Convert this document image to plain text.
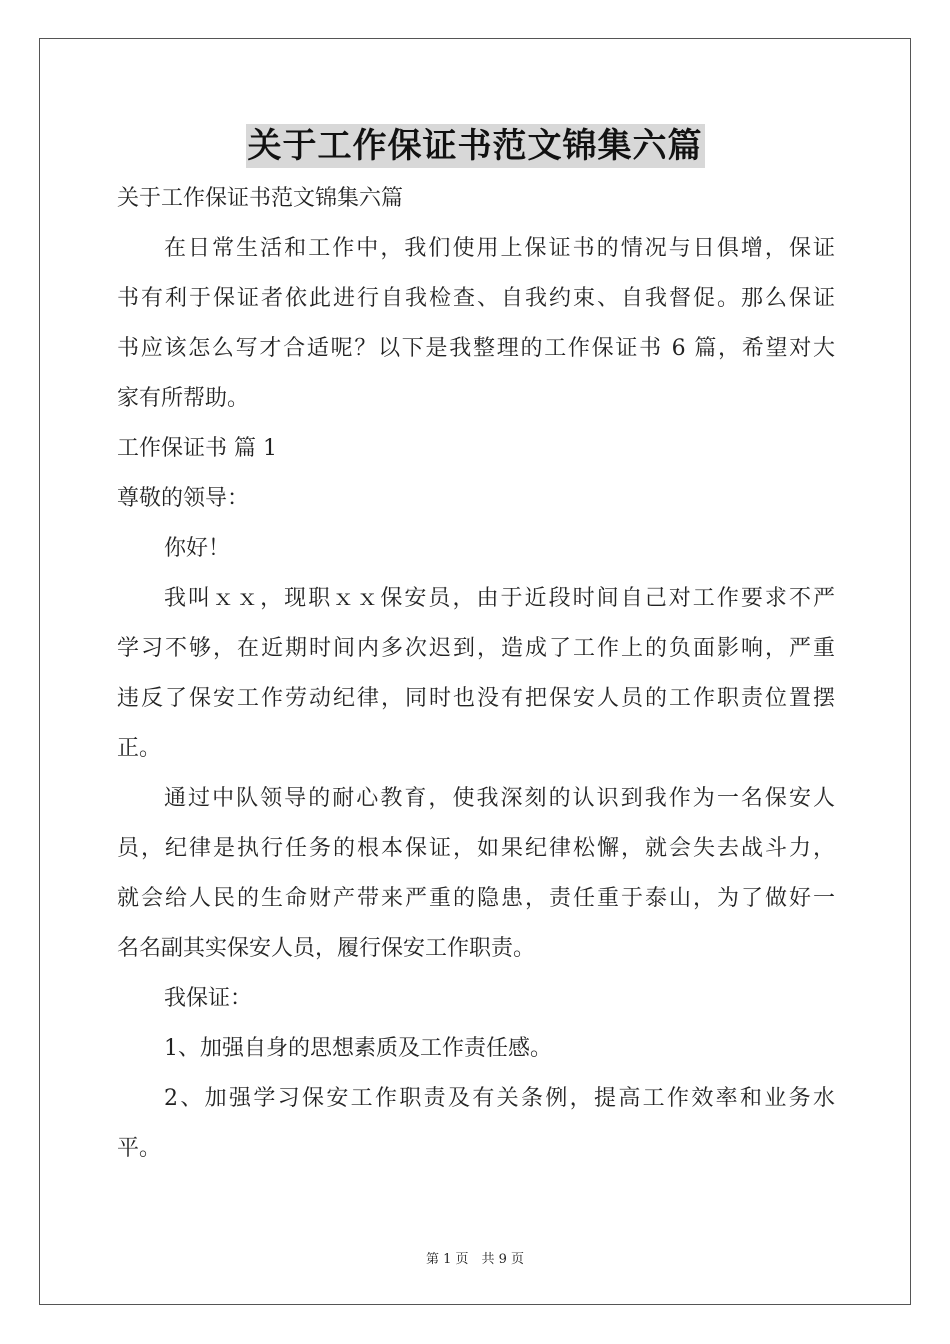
关于工作保证书范文锦集六篇
关于工作保证书范文锦集六篇
在日常生活和工作中，我们使用上保证书的情况与日俱增，保证
书有利于保证者依此进行自我检查、自我约束、自我督促。那么保证
书应该怎么写才合适呢？以下是我整理的工作保证书 6 篇，希望对大
家有所帮助。
工作保证书 篇 1
尊敬的领导：
你好！
我叫ｘｘ，现职ｘｘ保安员，由于近段时间自己对工作要求不严
学习不够，在近期时间内多次迟到，造成了工作上的负面影响，严重
违反了保安工作劳动纪律，同时也没有把保安人员的工作职责位置摆
正。
通过中队领导的耐心教育，使我深刻的认识到我作为一名保安人
员，纪律是执行任务的根本保证，如果纪律松懈，就会失去战斗力，
就会给人民的生命财产带来严重的隐患，责任重于泰山，为了做好一
名名副其实保安人员，履行保安工作职责。
我保证：
1、加强自身的思想素质及工作责任感。
2、加强学习保安工作职责及有关条例，提高工作效率和业务水
平。
第 1 页　共 9 页
